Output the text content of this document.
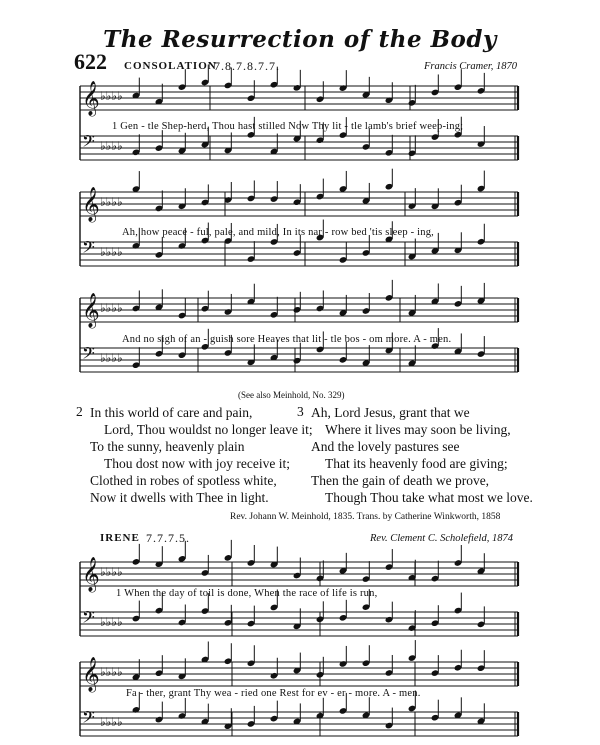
The Resurrection of the Body
622 CONSOLATION
7.8.7.8.7.7.	Francis Cramer, 1870
𝄞 ♭♭♭♭
𝄢 ♭♭♭♭
𝄞 ♭♭♭♭
𝄢 ♭♭♭♭
𝄞 ♭♭♭♭
𝄢 ♭♭♭♭
𝄞 ♭♭♭♭
𝄢 ♭♭♭♭
𝄞 ♭♭♭♭
𝄢 ♭♭♭♭
1 Gen - tle Shep-herd, Thou hast stilled Now Thy lit - tle lamb's brief weep-ing;
Ah, how peace - ful, pale, and mild, In its nar - row bed 'tis sleep - ing,
And no sigh of an - guish sore Heaves that lit - tle bos - om more. A - men.
(See also Meinhold, No. 329)
2 In this world of care and pain,
Lord, Thou wouldst no longer leave it;
To the sunny, heavenly plain
Thou dost now with joy receive it;
Clothed in robes of spotless white,
Now it dwells with Thee in light.
3 Ah, Lord Jesus, grant that we
Where it lives may soon be living,
And the lovely pastures see
That its heavenly food are giving;
Then the gain of death we prove,
Though Thou take what most we love.
Rev. Johann W. Meinhold, 1835. Trans. by Catherine Winkworth, 1858
IRENE 7.7.7.5.	Rev. Clement C. Scholefield, 1874
1 When the day of toil is done, When the race of life is run,
Fa - ther, grant Thy wea - ried one Rest for ev - er - more. A - men.
